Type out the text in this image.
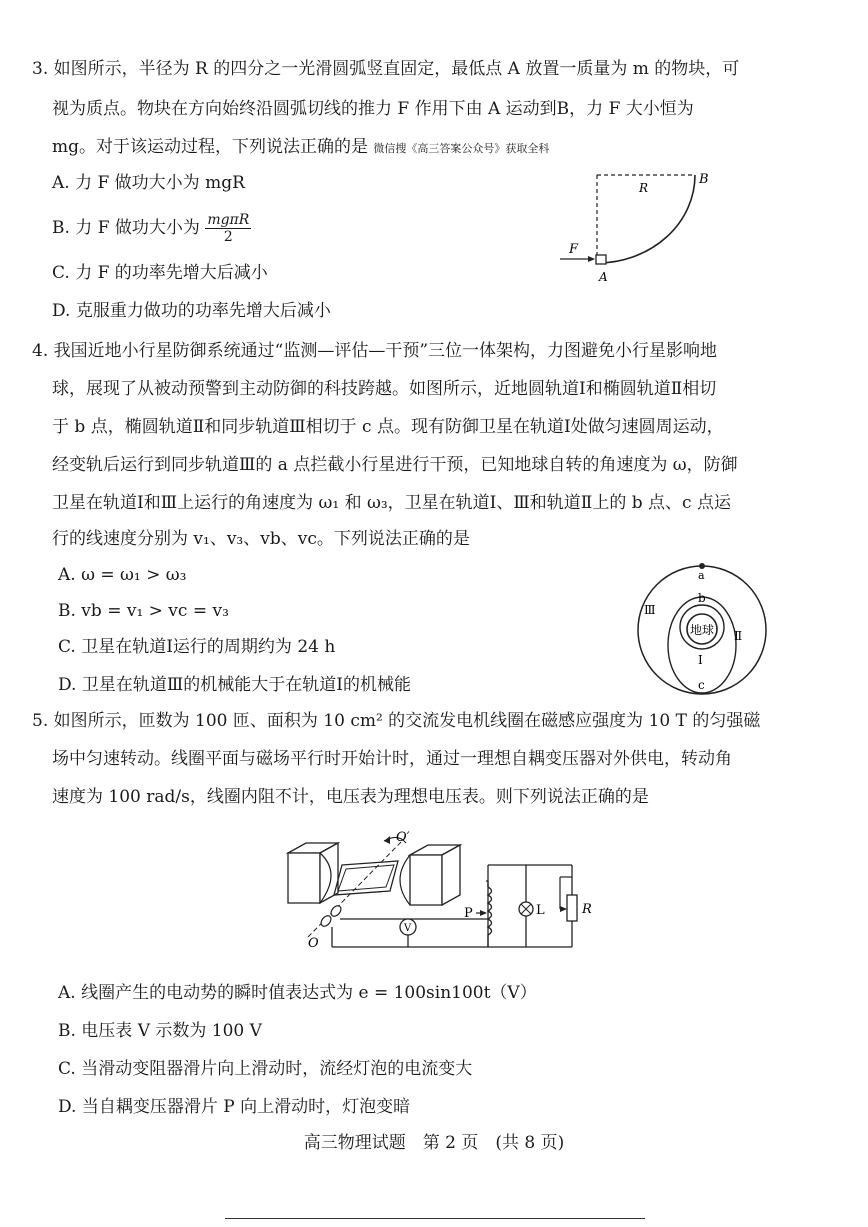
3. 如图所示，半径为 R 的四分之一光滑圆弧竖直固定，最低点 A 放置一质量为 m 的物块，可
视为质点。物块在方向始终沿圆弧切线的推力 F 作用下由 A 运动到B，力 F 大小恒为
mg。对于该运动过程，下列说法正确的是 微信搜《高三答案公众号》获取全科
A. 力 F 做功大小为 mgR
B. 力 F 做功大小为 $\frac{\text{mgπR}}{2}$
C. 力 F 的功率先增大后减小
D. 克服重力做功的功率先增大后减小
R
B
F
A
4. 我国近地小行星防御系统通过“监测—评估—干预”三位一体架构，力图避免小行星影响地
球，展现了从被动预警到主动防御的科技跨越。如图所示，近地圆轨道Ⅰ和椭圆轨道Ⅱ相切
于 b 点，椭圆轨道Ⅱ和同步轨道Ⅲ相切于 c 点。现有防御卫星在轨道Ⅰ处做匀速圆周运动，
经变轨后运行到同步轨道Ⅲ的 a 点拦截小行星进行干预，已知地球自转的角速度为 ω，防御
卫星在轨道Ⅰ和Ⅲ上运行的角速度为 ω₁ 和 ω₃，卫星在轨道Ⅰ、Ⅲ和轨道Ⅱ上的 b 点、c 点运
行的线速度分别为 v₁、v₃、vb、vc。下列说法正确的是
A. ω = ω₁ > ω₃
B. vb = v₁ > vc = v₃
C. 卫星在轨道Ⅰ运行的周期约为 24 h
D. 卫星在轨道Ⅲ的机械能大于在轨道Ⅰ的机械能
a
b
地球
Ⅰ
Ⅱ
Ⅲ
c
5. 如图所示，匝数为 100 匝、面积为 10 cm² 的交流发电机线圈在磁感应强度为 10 T 的匀强磁
场中匀速转动。线圈平面与磁场平行时开始计时，通过一理想自耦变压器对外供电，转动角
速度为 100 rad/s，线圈内阻不计，电压表为理想电压表。则下列说法正确的是
V
P	L	R
O′
O
A. 线圈产生的电动势的瞬时值表达式为 e = 100sin100t（V）
B. 电压表 V 示数为 100 V
C. 当滑动变阻器滑片向上滑动时，流经灯泡的电流变大
D. 当自耦变压器滑片 P 向上滑动时，灯泡变暗
高三物理试题　第 2 页　(共 8 页)
